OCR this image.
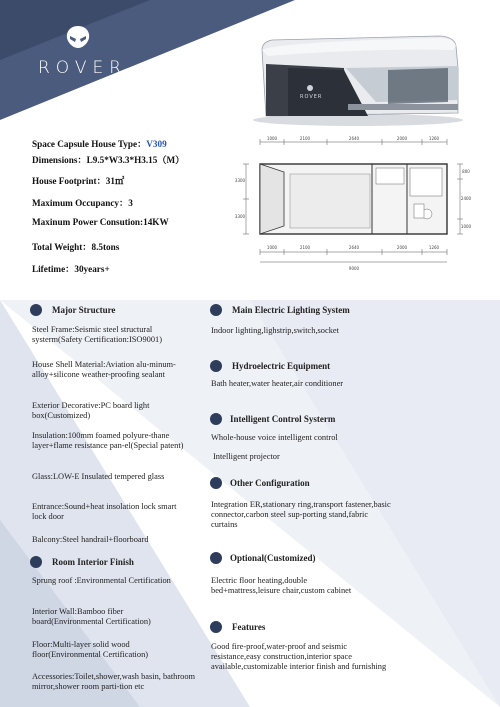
ROVER
ROVER
Space Capsule House Type：V309
Dimensions：L9.5*W3.3*H3.15（M）
House Footprint：31㎡
Maximum Occupancy：3
Maxinum Power Consution:14KW
Total Weight：8.5tons
Lifetime：30years+
1000	2100	2640	2000	1260
1000	2100	2640	2000	1260
9000
3300
3300
800
2400
1000
Major Structure
Steel Frame:Seismic steel structural systerm(Safety Certification:ISO9001)
House Shell Material:Aviation alu-minum-alloy+silicone weather-proofing sealant
Exterior Decorative:PC board light box(Customized)
Insulation:100mm foamed polyure-thane layer+flame resistance pan-el(Special patent)
Glass:LOW-E Insulated tempered glass
Entrance:Sound+heat insolation lock smart lock door
Balcony:Steel handrail+floorboard
Room Interior Finish
Sprung roof :Environmental Certification
Interior Wall:Bamboo fiber board(Environmental Certification)
Floor:Multi-layer solid wood floor(Environmental Certification)
Accessories:Toilet,shower,wash basin, bathroom mirror,shower room parti-tion etc
Main Electric Lighting System
Indoor lighting,lighstrip,switch,socket
Hydroelectric Equipment
Bath heater,water heater,air conditioner
Intelligent Control Systerm
Whole-house voice intelligent control
Intelligent projector
Other Configuration
Integration ER,stationary ring,transport fastener,basic connector,carbon steel sup-porting stand,fabric curtains
Optional(Customized)
Electric floor heating,double bed+mattress,leisure chair,custom cabinet
Features
Good fire-proof,water-proof and seismic resistance,easy construction,interior space available,customizable interior finish and furnishing
